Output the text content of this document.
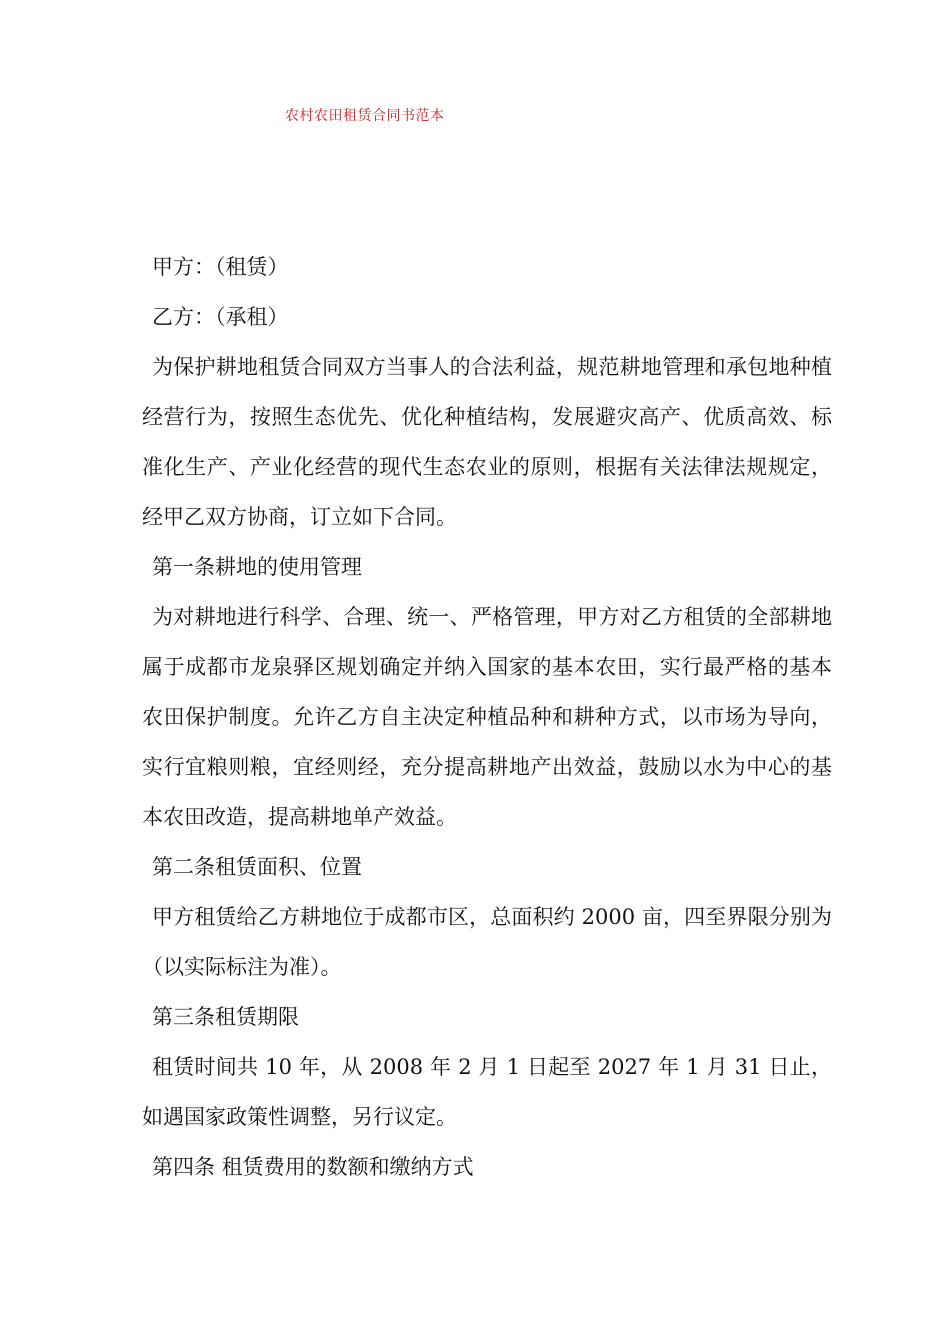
农村农田租赁合同书范本

甲方：（租赁）

乙方：（承租）

为保护耕地租赁合同双方当事人的合法利益，规范耕地管理和承包地种植经营行为，按照生态优先、优化种植结构，发展避灾高产、优质高效、标准化生产、产业化经营的现代生态农业的原则，根据有关法律法规规定，经甲乙双方协商，订立如下合同。

第一条耕地的使用管理

为对耕地进行科学、合理、统一、严格管理，甲方对乙方租赁的全部耕地属于成都市龙泉驿区规划确定并纳入国家的基本农田，实行最严格的基本农田保护制度。允许乙方自主决定种植品种和耕种方式，以市场为导向，实行宜粮则粮，宜经则经，充分提高耕地产出效益，鼓励以水为中心的基本农田改造，提高耕地单产效益。

第二条租赁面积、位置

甲方租赁给乙方耕地位于成都市区，总面积约 2000 亩，四至界限分别为（以实际标注为准）。

第三条租赁期限

租赁时间共 10 年，从 2008 年 2 月 1 日起至 2027 年 1 月 31 日止，如遇国家政策性调整，另行议定。

第四条 租赁费用的数额和缴纳方式
